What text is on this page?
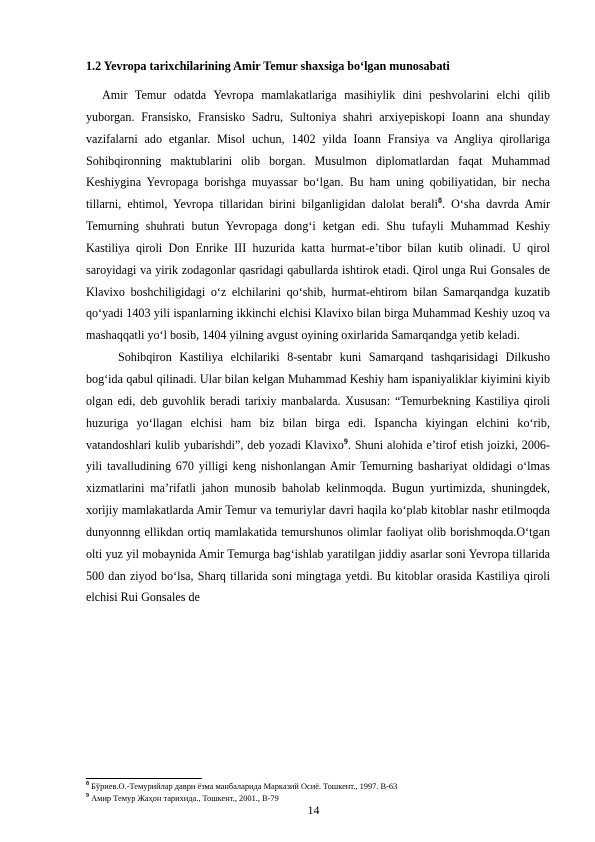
1.2 Yevropa tarixchilarining Amir Temur shaxsiga bo‘lgan munosabati

Amir Temur odatda Yevropa mamlakatlariga masihiylik dini peshvolarini elchi qilib yuborgan. Fransisko, Fransisko Sadru, Sultoniya shahri arxiyepiskopi Ioann ana shunday vazifalarni ado etganlar. Misol uchun, 1402 yilda Ioann Fransiya va Angliya qirollariga Sohibqironning maktublarini olib borgan. Musulmon diplomatlardan faqat Muhammad Keshiygina Yevropaga borishga muyassar bo‘lgan. Bu ham uning qobiliyatidan, bir necha tillarni, ehtimol, Yevropa tillaridan birini bilganligidan dalolat berali$^8$. O‘sha davrda Amir Temurning shuhrati butun Yevropaga dong‘i ketgan edi. Shu tufayli Muhammad Keshiy Kastiliya qiroli Don Enrike III huzurida katta hurmat-e’tibor bilan kutib olinadi. U qirol saroyidagi va yirik zodagonlar qasridagi qabullarda ishtirok etadi. Qirol unga Rui Gonsales de Klavixo boshchiligidagi o‘z elchilarini qo‘shib, hurmat-ehtirom bilan Samarqandga kuzatib qo‘yadi 1403 yili ispanlarning ikkinchi elchisi Klavixo bilan birga Muhammad Keshiy uzoq va mashaqqatli yo‘l bosib, 1404 yilning avgust oyining oxirlarida Samarqandga yetib keladi.

Sohibqiron Kastiliya elchilariki 8-sentabr kuni Samarqand tashqarisidagi Dilkusho bog‘ida qabul qilinadi. Ular bilan kelgan Muhammad Keshiy ham ispaniyaliklar kiyimini kiyib olgan edi, deb guvohlik beradi tarixiy manbalarda. Xususan: “Temurbekning Kastiliya qiroli huzuriga yo‘llagan elchisi ham biz bilan birga edi. Ispancha kiyingan elchini ko‘rib, vatandoshlari kulib yubarishdi”, deb yozadi Klavixo$^9$. Shuni alohida e’tirof etish joizki, 2006-yili tavalludining 670 yilligi keng nishonlangan Amir Temurning bashariyat oldidagi o‘lmas xizmatlarini ma’rifatli jahon munosib baholab kelinmoqda. Bugun yurtimizda, shuningdek, xorijiy mamlakatlarda Amir Temur va temuriylar davri haqila ko‘plab kitoblar nashr etilmoqda dunyonnng ellikdan ortiq mamlakatida temurshunos olimlar faoliyat olib borishmoqda.O‘tgan olti yuz yil mobaynida Amir Temurga bag‘ishlab yaratilgan jiddiy asarlar soni Yevropa tillarida 500 dan ziyod bo‘lsa, Sharq tillarida soni mingtaga yetdi. Bu kitoblar orasida Kastiliya qiroli elchisi Rui Gonsales de

$^8$ Бўриев.О.-Темурийлар даври ёзма манбаларида Марказий Осиё. Тошкент., 1997. B-63
$^9$ Амир Темур Жаҳон тарихида., Тошкент., 2001., B-79
14
